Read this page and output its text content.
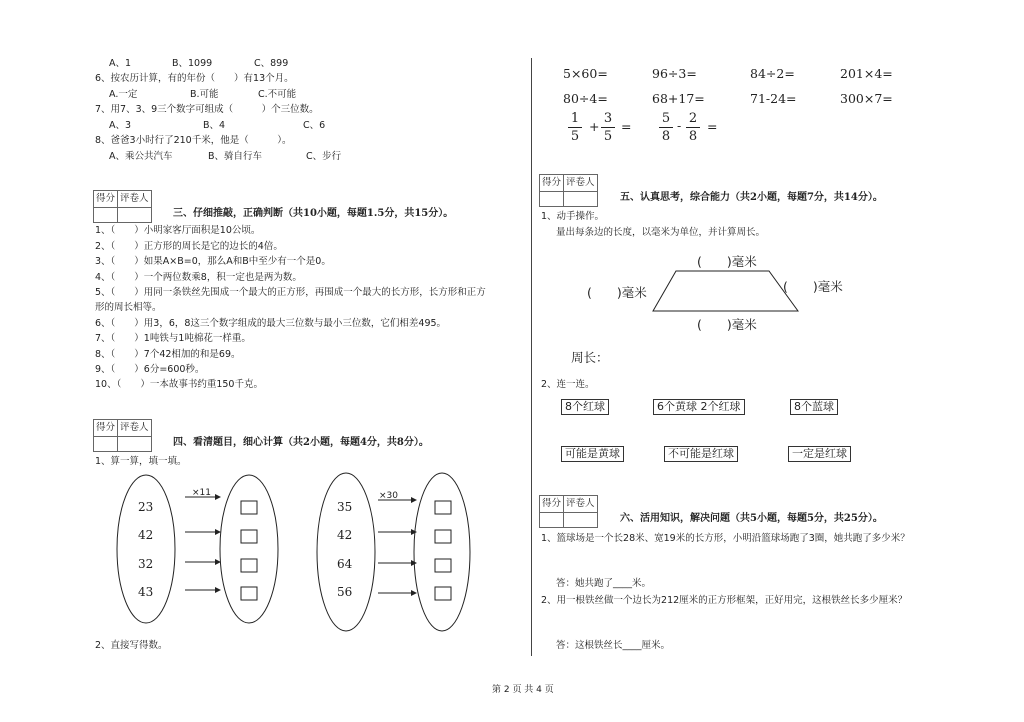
A、1	B、1099	C、899
6、按农历计算，有的年份（　　）有13个月。
A.一定	B.可能	C.不可能
7、用7、3、9三个数字可组成（　　　）个三位数。
A、3	B、4	C、6
8、爸爸3小时行了210千米，他是（　　　）。
A、乘公共汽车	B、骑自行车	C、步行
得分	评卷人

三、仔细推敲，正确判断（共10小题，每题1.5分，共15分）。
1、（　　）小明家客厅面积是10公顷。
2、（　　）正方形的周长是它的边长的4倍。
3、（　　）如果A×B=0，那么A和B中至少有一个是0。
4、（　　）一个两位数乘8，积一定也是两为数。
5、（　　）用同一条铁丝先围成一个最大的正方形，再围成一个最大的长方形，长方形和正方
形的周长相等。
6、（　　）用3，6，8这三个数字组成的最大三位数与最小三位数，它们相差495。
7、（　　）1吨铁与1吨棉花一样重。
8、（　　）7个42相加的和是69。
9、（　　）6分=600秒。
10、（　　）一本故事书约重150千克。
得分	评卷人

四、看清题目，细心计算（共2小题，每题4分，共8分）。
1、算一算，填一填。
×11
23
42
32
43
×30
35
42
64
56
2、直接写得数。
5×60=	96÷3=	84÷2=	201×4=
80÷4=	68+17=	71-24=	300×7=
$\frac{1}{5} + \frac{3}{5} = \frac{5}{8} - \frac{2}{8}$ =
得分	评卷人

五、认真思考，综合能力（共2小题，每题7分，共14分）。
1、动手操作。
量出每条边的长度，以毫米为单位，并计算周长。
(　　)毫米
(　　)毫米	(　　)毫米
(　　)毫米
周长：
2、连一连。
8个红球	6个黄球 2个红球	8个蓝球
可能是黄球	不可能是红球	一定是红球
得分	评卷人

六、活用知识，解决问题（共5小题，每题5分，共25分）。
1、篮球场是一个长28米、宽19米的长方形，小明沿篮球场跑了3圈，她共跑了多少米？
答：她共跑了____米。
2、用一根铁丝做一个边长为212厘米的正方形框架，正好用完，这根铁丝长多少厘米？
答：这根铁丝长____厘米。
第 2 页 共 4 页
